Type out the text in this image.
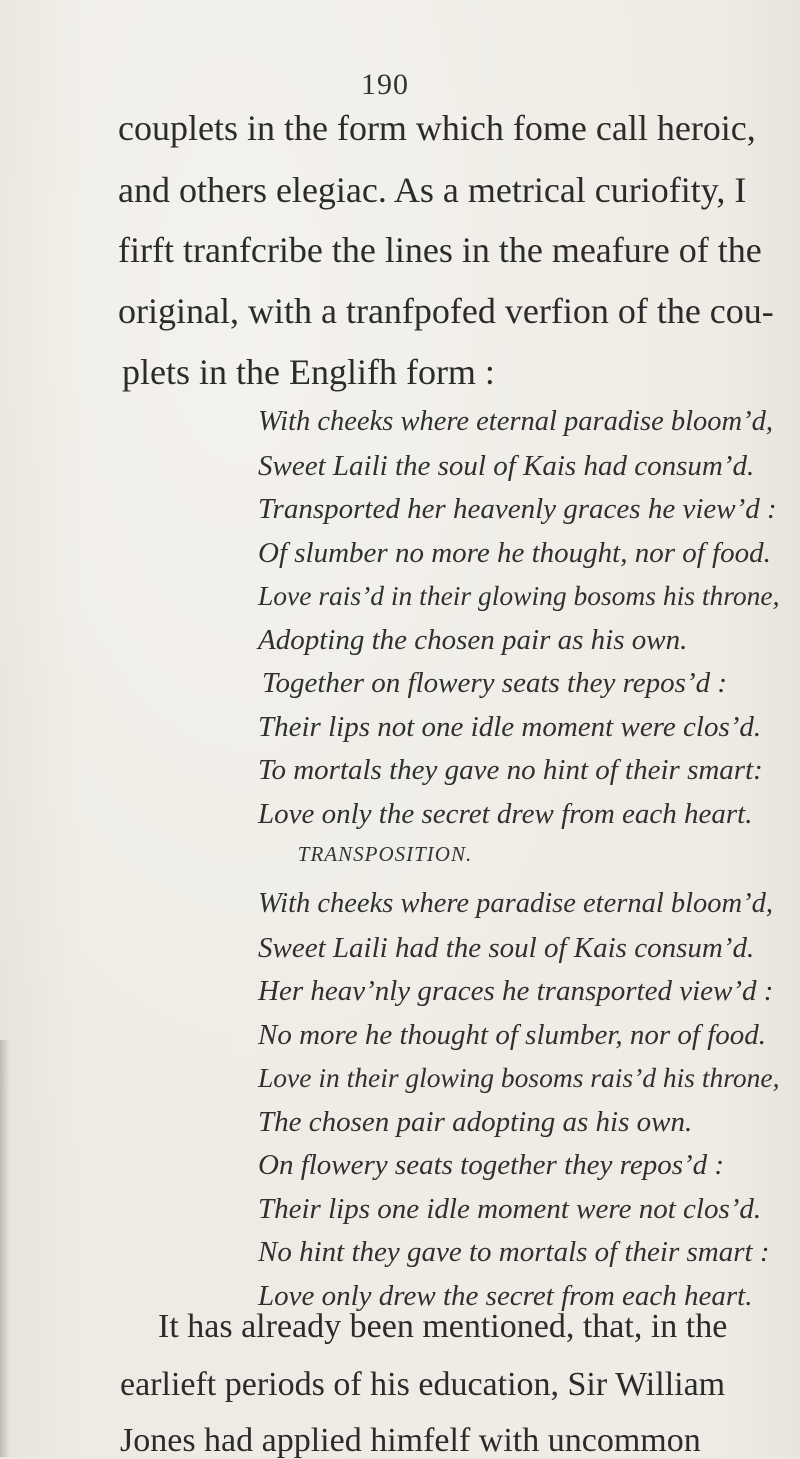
190
couplets in the form which fome call heroic,
and others elegiac. As a metrical curiofity, I
firft tranfcribe the lines in the meafure of the
original, with a tranfpofed verfion of the cou-
plets in the Englifh form :
With cheeks where eternal paradise bloom’d,
Sweet Laili the soul of Kais had consum’d.
Transported her heavenly graces he view’d :
Of slumber no more he thought, nor of food.
Love rais’d in their glowing bosoms his throne,
Adopting the chosen pair as his own.
Together on flowery seats they repos’d :
Their lips not one idle moment were clos’d.
To mortals they gave no hint of their smart:
Love only the secret drew from each heart.
TRANSPOSITION.
With cheeks where paradise eternal bloom’d,
Sweet Laili had the soul of Kais consum’d.
Her heav’nly graces he transported view’d :
No more he thought of slumber, nor of food.
Love in their glowing bosoms rais’d his throne,
The chosen pair adopting as his own.
On flowery seats together they repos’d :
Their lips one idle moment were not clos’d.
No hint they gave to mortals of their smart :
Love only drew the secret from each heart.
It has already been mentioned, that, in the
earlieft periods of his education, Sir William
Jones had applied himfelf with uncommon
